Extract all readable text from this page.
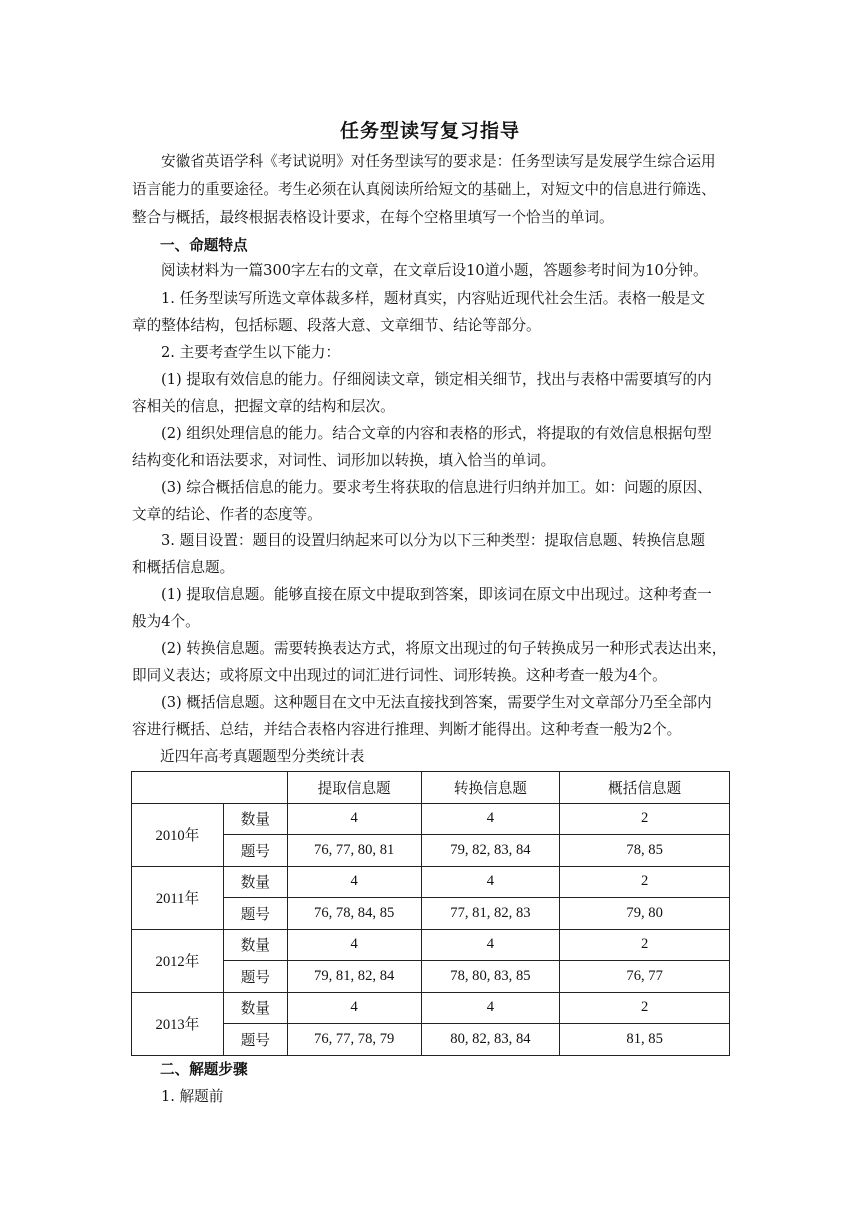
任务型读写复习指导
安徽省英语学科《考试说明》对任务型读写的要求是：任务型读写是发展学生综合运用
语言能力的重要途径。考生必须在认真阅读所给短文的基础上，对短文中的信息进行筛选、
整合与概括，最终根据表格设计要求，在每个空格里填写一个恰当的单词。
一、命题特点
阅读材料为一篇300字左右的文章，在文章后设10道小题，答题参考时间为10分钟。
1. 任务型读写所选文章体裁多样，题材真实，内容贴近现代社会生活。表格一般是文
章的整体结构，包括标题、段落大意、文章细节、结论等部分。
2. 主要考查学生以下能力：
(1) 提取有效信息的能力。仔细阅读文章，锁定相关细节，找出与表格中需要填写的内
容相关的信息，把握文章的结构和层次。
(2) 组织处理信息的能力。结合文章的内容和表格的形式，将提取的有效信息根据句型
结构变化和语法要求，对词性、词形加以转换，填入恰当的单词。
(3) 综合概括信息的能力。要求考生将获取的信息进行归纳并加工。如：问题的原因、
文章的结论、作者的态度等。
3. 题目设置：题目的设置归纳起来可以分为以下三种类型：提取信息题、转换信息题
和概括信息题。
(1) 提取信息题。能够直接在原文中提取到答案，即该词在原文中出现过。这种考查一
般为4个。
(2) 转换信息题。需要转换表达方式，将原文出现过的句子转换成另一种形式表达出来，
即同义表达；或将原文中出现过的词汇进行词性、词形转换。这种考查一般为4个。
(3) 概括信息题。这种题目在文中无法直接找到答案，需要学生对文章部分乃至全部内
容进行概括、总结，并结合表格内容进行推理、判断才能得出。这种考查一般为2个。
近四年高考真题题型分类统计表
		提取信息题	转换信息题	概括信息题
2010年	数量	4	4	2
	题号	76, 77, 80, 81	79, 82, 83, 84	78, 85
2011年	数量	4	4	2
	题号	76, 78, 84, 85	77, 81, 82, 83	79, 80
2012年	数量	4	4	2
	题号	79, 81, 82, 84	78, 80, 83, 85	76, 77
2013年	数量	4	4	2
	题号	76, 77, 78, 79	80, 82, 83, 84	81, 85
二、解题步骤
1. 解题前
